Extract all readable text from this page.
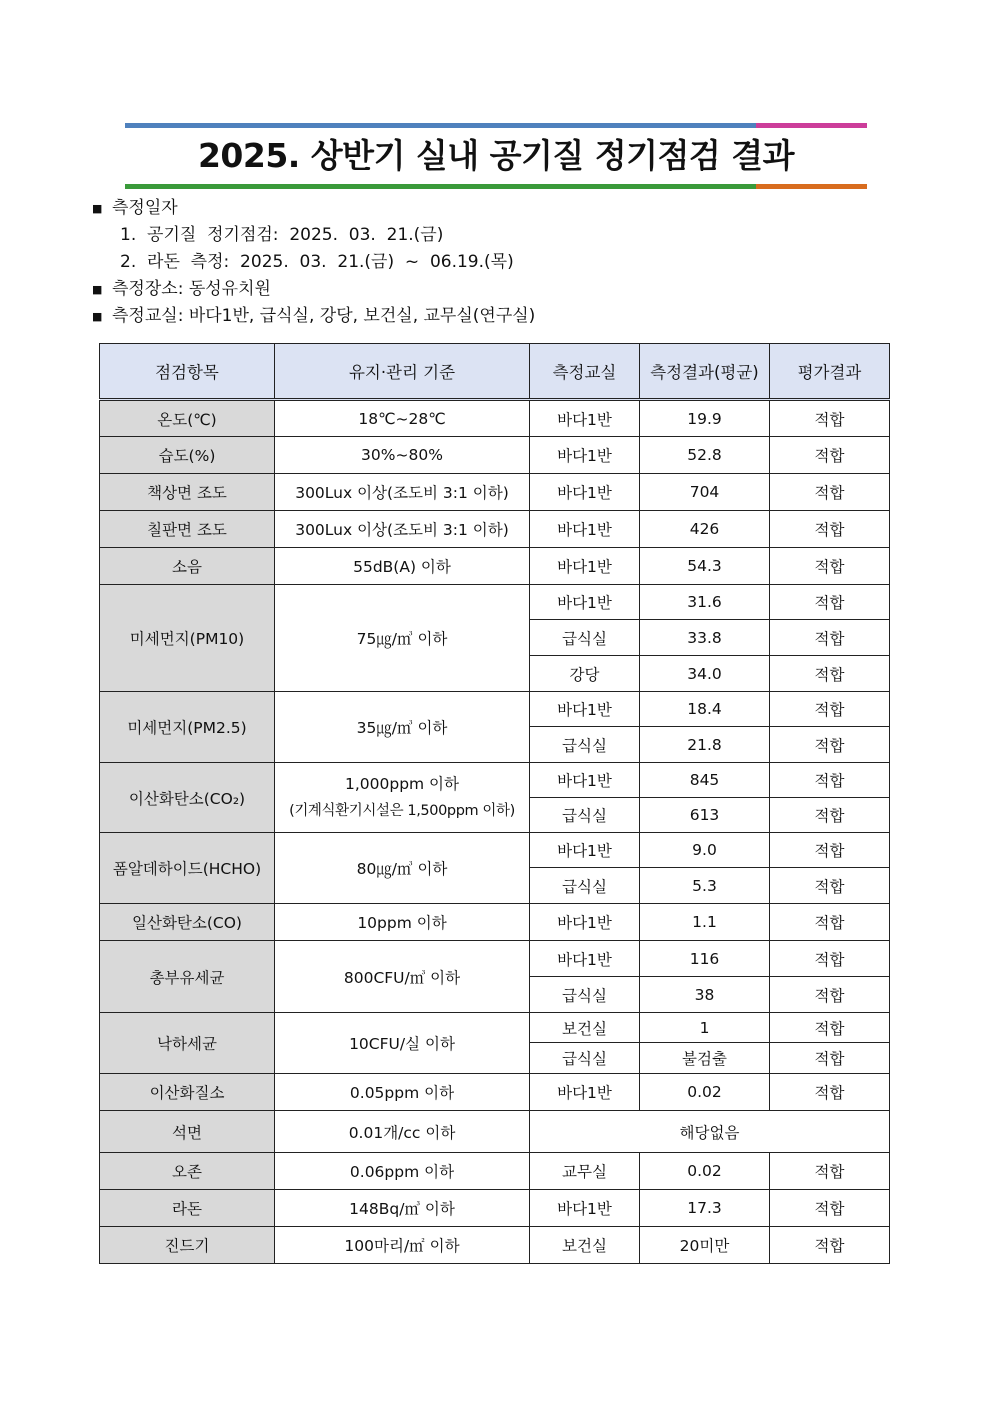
2025. 상반기 실내 공기질 정기점검 결과
■ 측정일자
1.  공기질  정기점검:  2025.  03.  21.(금)
2.  라돈  측정:  2025.  03.  21.(금)  ~  06.19.(목)
■ 측정장소: 동성유치원
■ 측정교실: 바다1반, 급식실, 강당, 보건실, 교무실(연구실)
점검항목	유지·관리 기준	측정교실	측정결과(평균)	평가결과
온도(℃)	18℃~28℃	바다1반	19.9	적합
습도(%)	30%~80%	바다1반	52.8	적합
책상면 조도	300Lux 이상(조도비 3:1 이하)	바다1반	704	적합
칠판면 조도	300Lux 이상(조도비 3:1 이하)	바다1반	426	적합
소음	55dB(A) 이하	바다1반	54.3	적합
미세먼지(PM10)	75㎍/㎥ 이하	바다1반	31.6	적합
		급식실	33.8	적합
		강당	34.0	적합
미세먼지(PM2.5)	35㎍/㎥ 이하	바다1반	18.4	적합
		급식실	21.8	적합
이산화탄소(CO₂)	1,000ppm 이하
(기계식환기시설은 1,500ppm 이하)	바다1반	845	적합
		급식실	613	적합
폼알데하이드(HCHO)	80㎍/㎥ 이하	바다1반	9.0	적합
		급식실	5.3	적합
일산화탄소(CO)	10ppm 이하	바다1반	1.1	적합
총부유세균	800CFU/㎥ 이하	바다1반	116	적합
		급식실	38	적합
낙하세균	10CFU/실 이하	보건실	1	적합
		급식실	불검출	적합
이산화질소	0.05ppm 이하	바다1반	0.02	적합
석면	0.01개/cc 이하	해당없음		
오존	0.06ppm 이하	교무실	0.02	적합
라돈	148Bq/㎥ 이하	바다1반	17.3	적합
진드기	100마리/㎡ 이하	보건실	20미만	적합
